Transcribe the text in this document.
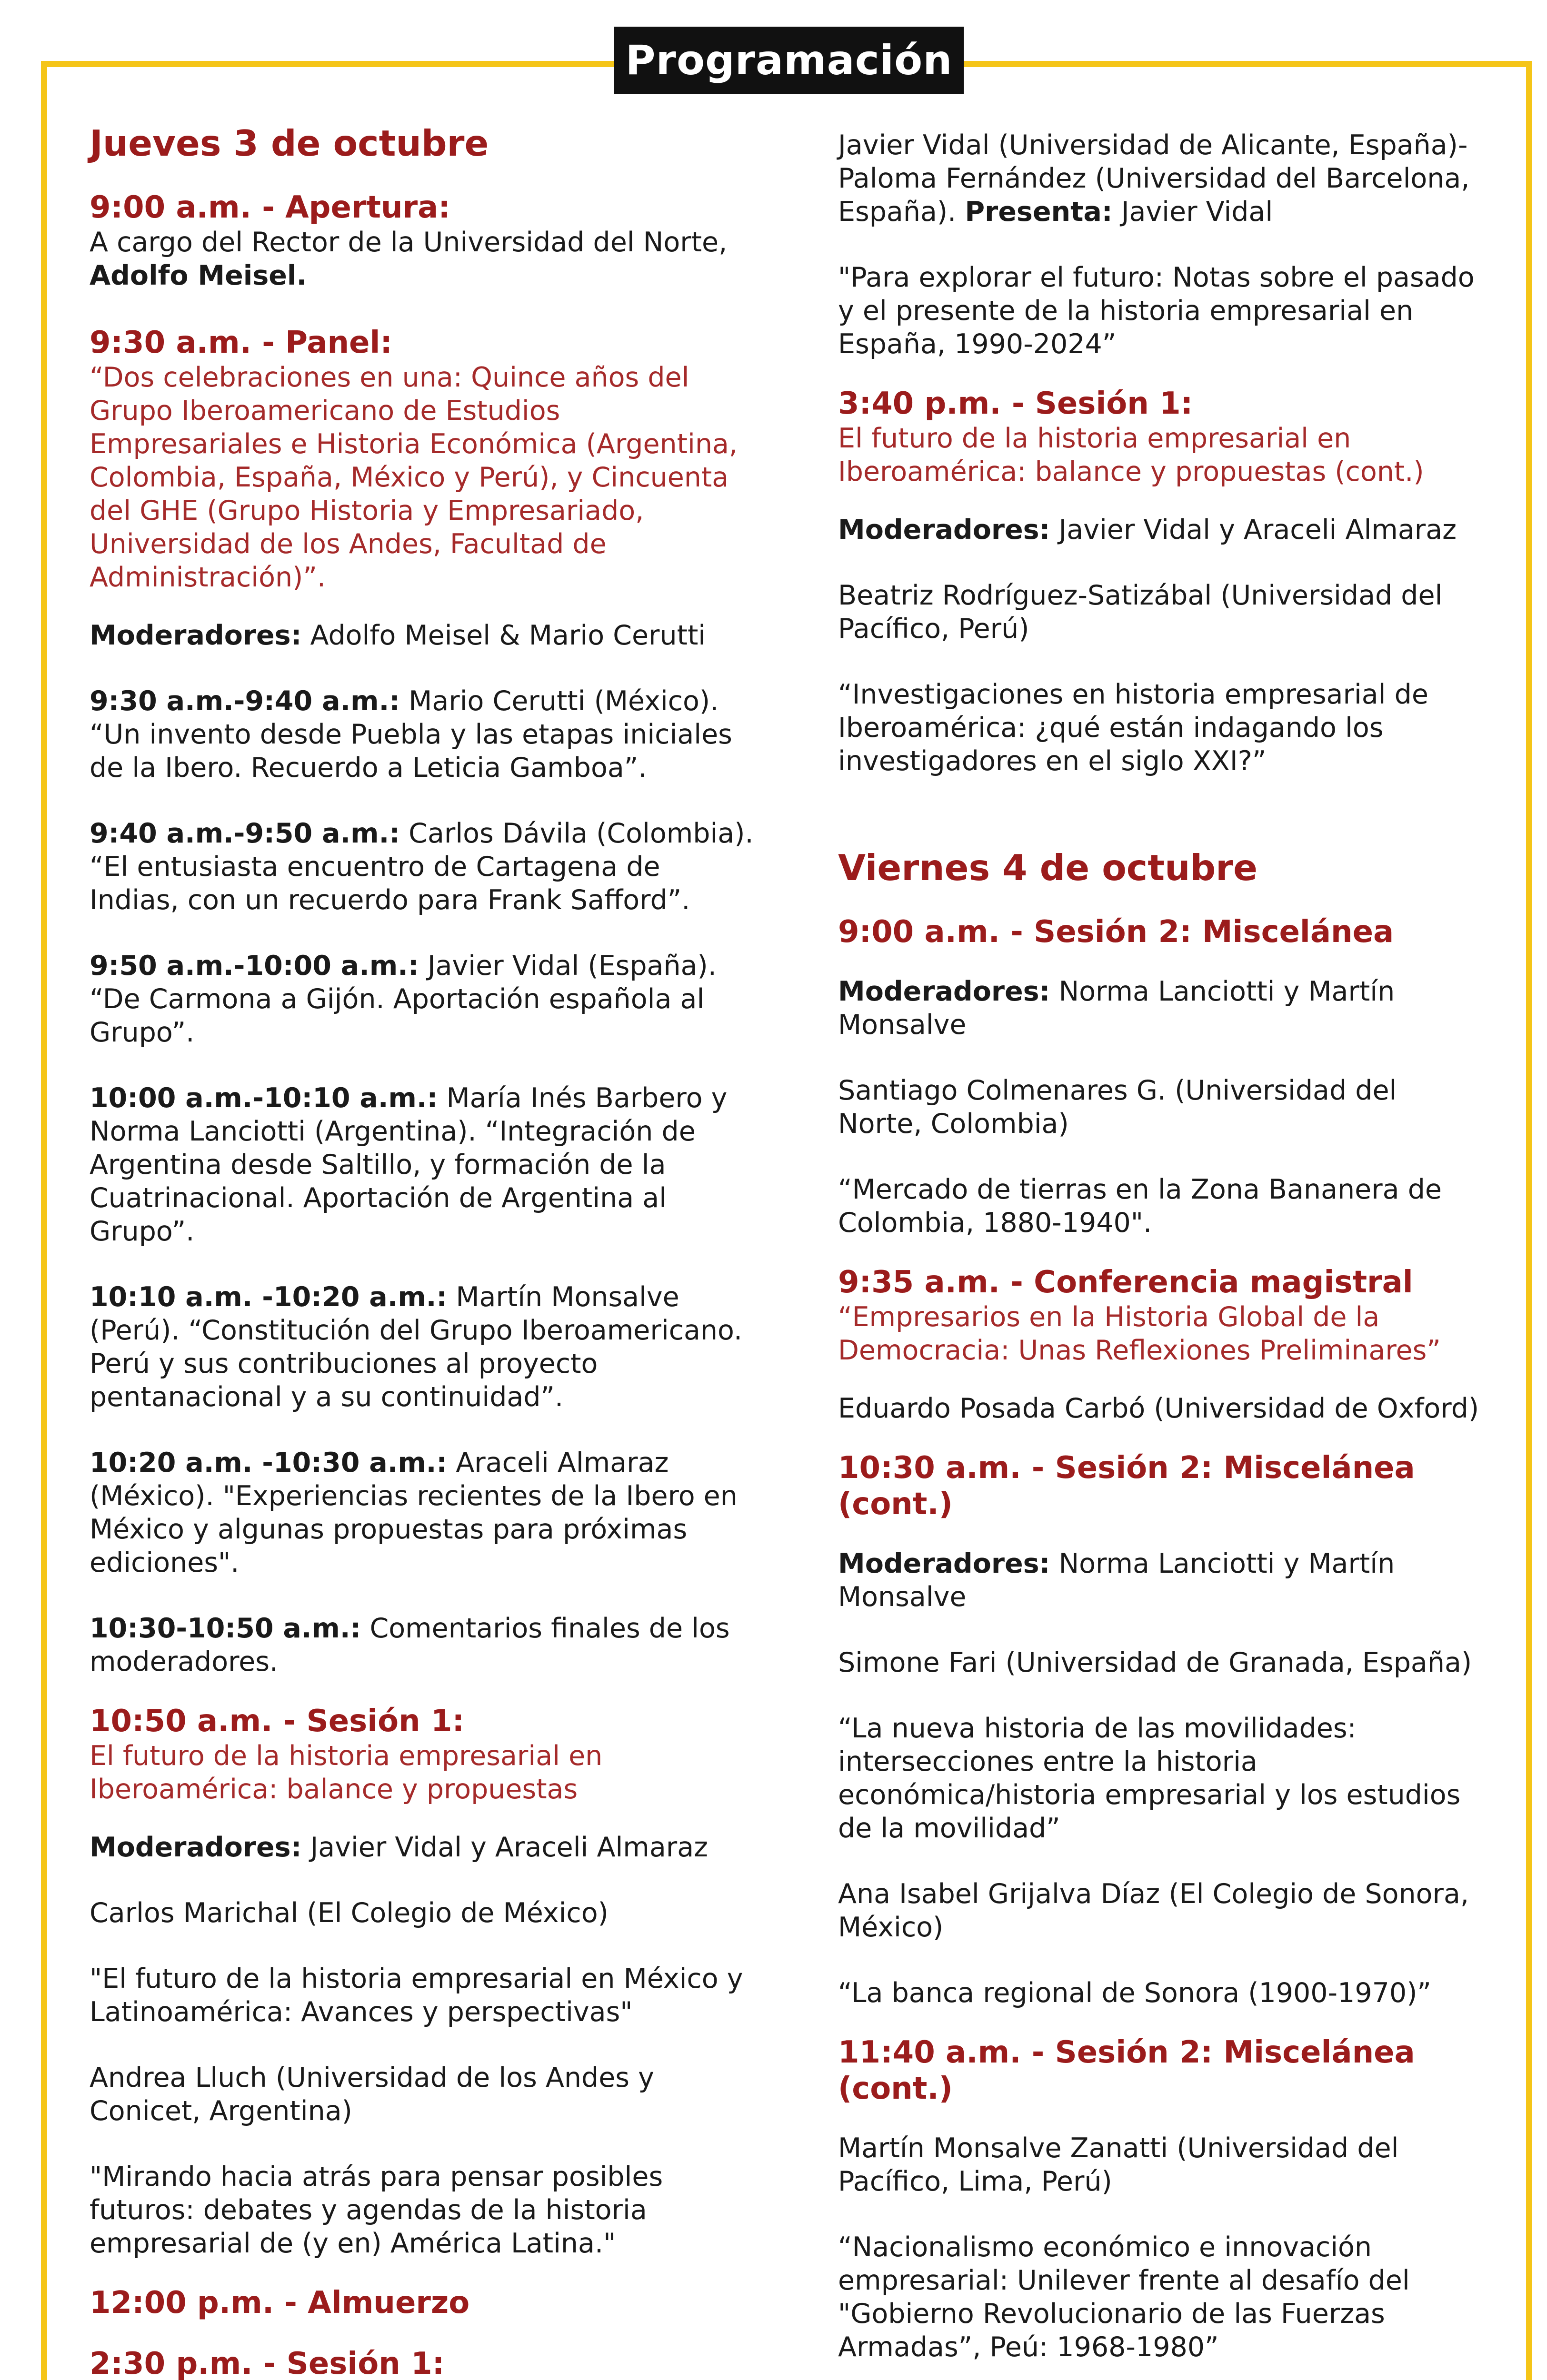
Programación
Jueves 3 de octubre
9:00 a.m. - Apertura:
A cargo del Rector de la Universidad del Norte, Adolfo Meisel.
9:30 a.m. - Panel:
“Dos celebraciones en una: Quince años del Grupo Iberoamericano de Estudios Empresariales e Historia Económica (Argentina, Colombia, España, México y Perú), y Cincuenta del GHE (Grupo Historia y Empresariado, Universidad de los Andes, Facultad de Administración)”.
Moderadores: Adolfo Meisel & Mario Cerutti
9:30 a.m.-9:40 a.m.: Mario Cerutti (México). “Un invento desde Puebla y las etapas iniciales de la Ibero. Recuerdo a Leticia Gamboa”.
9:40 a.m.-9:50 a.m.: Carlos Dávila (Colombia). “El entusiasta encuentro de Cartagena de Indias, con un recuerdo para Frank Safford”.
9:50 a.m.-10:00 a.m.: Javier Vidal (España). “De Carmona a Gijón. Aportación española al Grupo”.
10:00 a.m.-10:10 a.m.: María Inés Barbero y Norma Lanciotti (Argentina). “Integración de Argentina desde Saltillo, y formación de la Cuatrinacional. Aportación de Argentina al Grupo”.
10:10 a.m. -10:20 a.m.: Martín Monsalve (Perú). “Constitución del Grupo Iberoamericano. Perú y sus contribuciones al proyecto pentanacional y a su continuidad”.
10:20 a.m. -10:30 a.m.: Araceli Almaraz (México). "Experiencias recientes de la Ibero en México y algunas propuestas para próximas ediciones".
10:30-10:50 a.m.: Comentarios finales de los moderadores.
10:50 a.m. - Sesión 1:
El futuro de la historia empresarial en Iberoamérica: balance y propuestas
Moderadores: Javier Vidal y Araceli Almaraz
Carlos Marichal (El Colegio de México)
"El futuro de la historia empresarial en México y Latinoamérica: Avances y perspectivas"
Andrea Lluch (Universidad de los Andes y Conicet, Argentina)
"Mirando hacia atrás para pensar posibles futuros: debates y agendas de la historia empresarial de (y en) América Latina."
12:00 p.m. - Almuerzo
2:30 p.m. - Sesión 1:
Javier Vidal (Universidad de Alicante, España)- Paloma Fernández (Universidad del Barcelona, España). Presenta: Javier Vidal
"Para explorar el futuro: Notas sobre el pasado y el presente de la historia empresarial en España, 1990-2024”
3:40 p.m. - Sesión 1:
El futuro de la historia empresarial en Iberoamérica: balance y propuestas (cont.)
Moderadores: Javier Vidal y Araceli Almaraz
Beatriz Rodríguez-Satizábal (Universidad del Pacífico, Perú)
“Investigaciones en historia empresarial de Iberoamérica: ¿qué están indagando los investigadores en el siglo XXI?”
Viernes 4 de octubre
9:00 a.m. - Sesión 2: Miscelánea
Moderadores: Norma Lanciotti y Martín Monsalve
Santiago Colmenares G. (Universidad del Norte, Colombia)
“Mercado de tierras en la Zona Bananera de Colombia, 1880-1940".
9:35 a.m. - Conferencia magistral
“Empresarios en la Historia Global de la Democracia: Unas Reflexiones Preliminares”
Eduardo Posada Carbó (Universidad de Oxford)
10:30 a.m. - Sesión 2: Miscelánea (cont.)
Moderadores: Norma Lanciotti y Martín Monsalve
Simone Fari (Universidad de Granada, España)
“La nueva historia de las movilidades: intersecciones entre la historia económica/historia empresarial y los estudios de la movilidad”
Ana Isabel Grijalva Díaz (El Colegio de Sonora, México)
“La banca regional de Sonora (1900-1970)”
11:40 a.m. - Sesión 2: Miscelánea (cont.)
Martín Monsalve Zanatti (Universidad del Pacífico, Lima, Perú)
“Nacionalismo económico e innovación empresarial: Unilever frente al desafío del "Gobierno Revolucionario de las Fuerzas Armadas”, Peú: 1968-1980”
